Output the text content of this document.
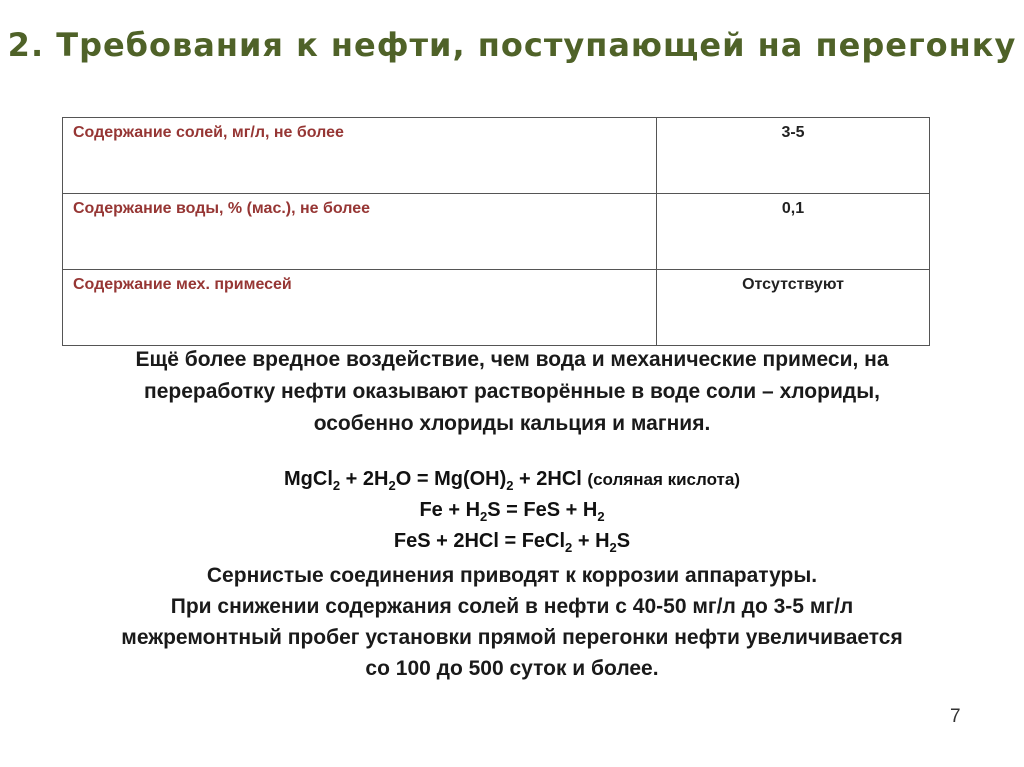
2. Требования к нефти, поступающей на перегонку
Содержание солей, мг/л, не более	3-5
Содержание воды, % (мас.), не более	0,1
Содержание мех. примесей	Отсутствуют
Ещё более вредное воздействие, чем вода и механические примеси, на
переработку нефти оказывают растворённые в воде соли – хлориды,
особенно хлориды кальция и магния.
MgCl$_2$ + $2H_2O = Mg(OH)_2 + 2HCl$ (соляная кислота)
$Fe + H_2S$ = FeS + $H_2$
FeS + 2HCl = FeCl$_2$ + $H_2S$
Сернистые соединения приводят к коррозии аппаратуры.
При снижении содержания солей в нефти с 40-50 мг/л до 3-5 мг/л
межремонтный пробег установки прямой перегонки нефти увеличивается
со 100 до 500 суток и более.
7
